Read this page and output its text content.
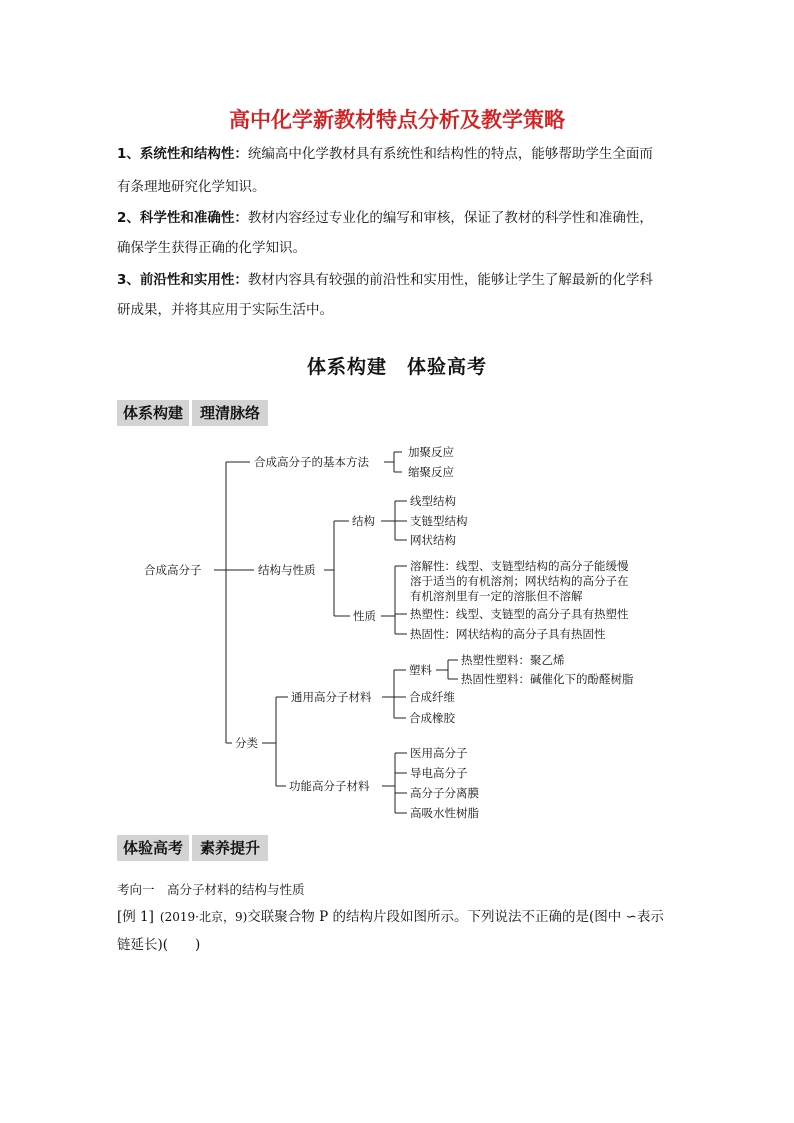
高中化学新教材特点分析及教学策略
1、系统性和结构性：统编高中化学教材具有系统性和结构性的特点，能够帮助学生全面而
有条理地研究化学知识。
2、科学性和准确性：教材内容经过专业化的编写和审核，保证了教材的科学性和准确性，
确保学生获得正确的化学知识。
3、前沿性和实用性：教材内容具有较强的前沿性和实用性，能够让学生了解最新的化学科
研成果，并将其应用于实际生活中。
体系构建　体验高考
体系构建	理清脉络
合成高分子
合成高分子的基本方法
加聚反应
缩聚反应
结构与性质
结构
线型结构
支链型结构
网状结构
性质
溶解性：线型、支链型结构的高分子能缓慢
溶于适当的有机溶剂；网状结构的高分子在
有机溶剂里有一定的溶胀但不溶解
热塑性：线型、支链型的高分子具有热塑性
热固性：网状结构的高分子具有热固性
分类
通用高分子材料
塑料
热塑性塑料：聚乙烯
热固性塑料：碱催化下的酚醛树脂
合成纤维
合成橡胶
功能高分子材料
医用高分子
导电高分子
高分子分离膜
高吸水性树脂
体验高考	素养提升
考向一　高分子材料的结构与性质
[例 1] (2019·北京，9)交联聚合物 P 的结构片段如图所示。下列说法不正确的是(图中 ∽表示
链延长)(　　)
